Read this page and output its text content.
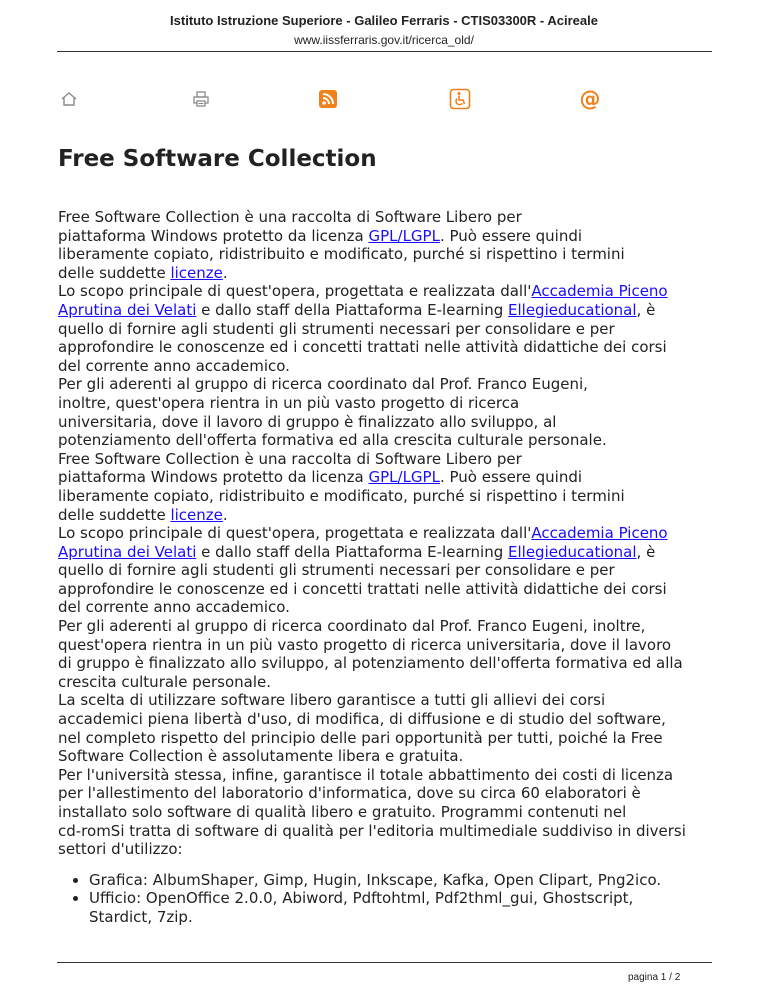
Istituto Istruzione Superiore - Galileo Ferraris - CTIS03300R - Acireale
www.iissferraris.gov.it/ricerca_old/
@
Free Software Collection

Free Software Collection è una raccolta di Software Libero per
piattaforma Windows protetto da licenza GPL/LGPL. Può essere quindi
liberamente copiato, ridistribuito e modificato, purché si rispettino i termini
delle suddette licenze.

Lo scopo principale di quest'opera, progettata e realizzata dall'Accademia Piceno
Aprutina dei Velati e dallo staff della Piattaforma E-learning Ellegieducational, è
quello di fornire agli studenti gli strumenti necessari per consolidare e per
approfondire le conoscenze ed i concetti trattati nelle attività didattiche dei corsi
del corrente anno accademico.

Per gli aderenti al gruppo di ricerca coordinato dal Prof. Franco Eugeni,
inoltre, quest'opera rientra in un più vasto progetto di ricerca
universitaria, dove il lavoro di gruppo è finalizzato allo sviluppo, al
potenziamento dell'offerta formativa ed alla crescita culturale personale.

Free Software Collection è una raccolta di Software Libero per
piattaforma Windows protetto da licenza GPL/LGPL. Può essere quindi
liberamente copiato, ridistribuito e modificato, purché si rispettino i termini
delle suddette licenze.

Lo scopo principale di quest'opera, progettata e realizzata dall'Accademia Piceno
Aprutina dei Velati e dallo staff della Piattaforma E-learning Ellegieducational, è
quello di fornire agli studenti gli strumenti necessari per consolidare e per
approfondire le conoscenze ed i concetti trattati nelle attività didattiche dei corsi
del corrente anno accademico.

Per gli aderenti al gruppo di ricerca coordinato dal Prof. Franco Eugeni, inoltre,
quest'opera rientra in un più vasto progetto di ricerca universitaria, dove il lavoro
di gruppo è finalizzato allo sviluppo, al potenziamento dell'offerta formativa ed alla
crescita culturale personale.

La scelta di utilizzare software libero garantisce a tutti gli allievi dei corsi
accademici piena libertà d'uso, di modifica, di diffusione e di studio del software,
nel completo rispetto del principio delle pari opportunità per tutti, poiché la Free
Software Collection è assolutamente libera e gratuita.

Per l'università stessa, infine, garantisce il totale abbattimento dei costi di licenza
per l'allestimento del laboratorio d'informatica, dove su circa 60 elaboratori è
installato solo software di qualità libero e gratuito. Programmi contenuti nel
cd-romSi tratta di software di qualità per l'editoria multimediale suddiviso in diversi
settori d'utilizzo:

• Grafica: AlbumShaper, Gimp, Hugin, Inkscape, Kafka, Open Clipart, Png2ico.
• Ufficio: OpenOffice 2.0.0, Abiword, Pdftohtml, Pdf2thml_gui, Ghostscript,
Stardict, 7zip.
pagina 1 / 2
